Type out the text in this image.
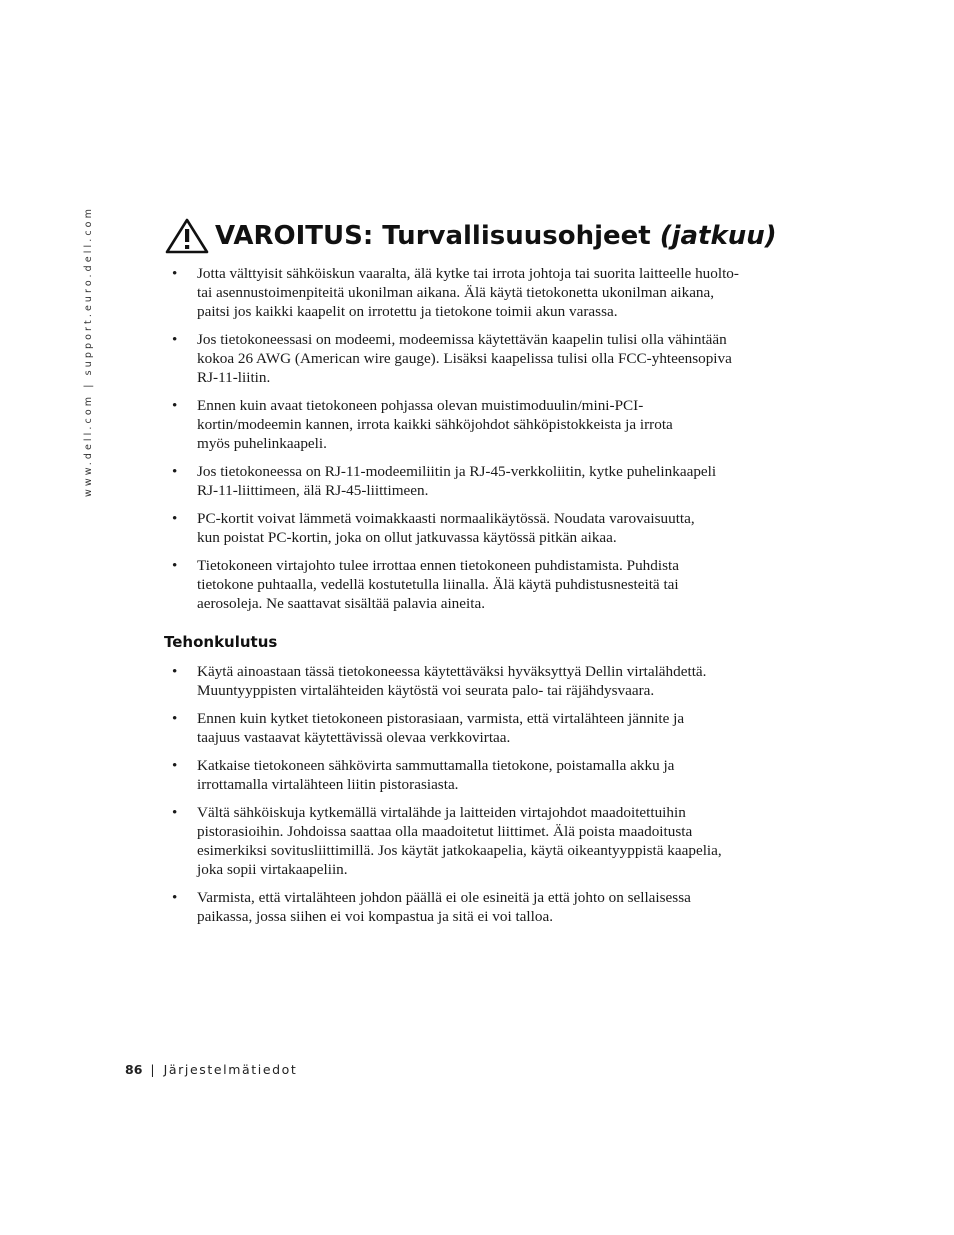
www.dell.com | support.euro.dell.com	VAROITUS: Turvallisuusohjeet (jatkuu)
• Jotta välttyisit sähköiskun vaaralta, älä kytke tai irrota johtoja tai suorita laitteelle huolto-
tai asennustoimenpiteitä ukonilman aikana. Älä käytä tietokonetta ukonilman aikana,
paitsi jos kaikki kaapelit on irrotettu ja tietokone toimii akun varassa.
• Jos tietokoneessasi on modeemi, modeemissa käytettävän kaapelin tulisi olla vähintään
kokoa 26 AWG (American wire gauge). Lisäksi kaapelissa tulisi olla FCC-yhteensopiva
RJ-11-liitin.
• Ennen kuin avaat tietokoneen pohjassa olevan muistimoduulin/mini-PCI-
kortin/modeemin kannen, irrota kaikki sähköjohdot sähköpistokkeista ja irrota
myös puhelinkaapeli.
• Jos tietokoneessa on RJ-11-modeemiliitin ja RJ-45-verkkoliitin, kytke puhelinkaapeli
RJ-11-liittimeen, älä RJ-45-liittimeen.
• PC-kortit voivat lämmetä voimakkaasti normaalikäytössä. Noudata varovaisuutta,
kun poistat PC-kortin, joka on ollut jatkuvassa käytössä pitkän aikaa.
• Tietokoneen virtajohto tulee irrottaa ennen tietokoneen puhdistamista. Puhdista
tietokone puhtaalla, vedellä kostutetulla liinalla. Älä käytä puhdistusnesteitä tai
aerosoleja. Ne saattavat sisältää palavia aineita.
Tehonkulutus
• Käytä ainoastaan tässä tietokoneessa käytettäväksi hyväksyttyä Dellin virtalähdettä.
Muuntyyppisten virtalähteiden käytöstä voi seurata palo- tai räjähdysvaara.
• Ennen kuin kytket tietokoneen pistorasiaan, varmista, että virtalähteen jännite ja
taajuus vastaavat käytettävissä olevaa verkkovirtaa.
• Katkaise tietokoneen sähkövirta sammuttamalla tietokone, poistamalla akku ja
irrottamalla virtalähteen liitin pistorasiasta.
• Vältä sähköiskuja kytkemällä virtalähde ja laitteiden virtajohdot maadoitettuihin
pistorasioihin. Johdoissa saattaa olla maadoitetut liittimet. Älä poista maadoitusta
esimerkiksi sovitusliittimillä. Jos käytät jatkokaapelia, käytä oikeantyyppistä kaapelia,
joka sopii virtakaapeliin.
• Varmista, että virtalähteen johdon päällä ei ole esineitä ja että johto on sellaisessa
paikassa, jossa siihen ei voi kompastua ja sitä ei voi talloa.
86 | Järjestelmätiedot
